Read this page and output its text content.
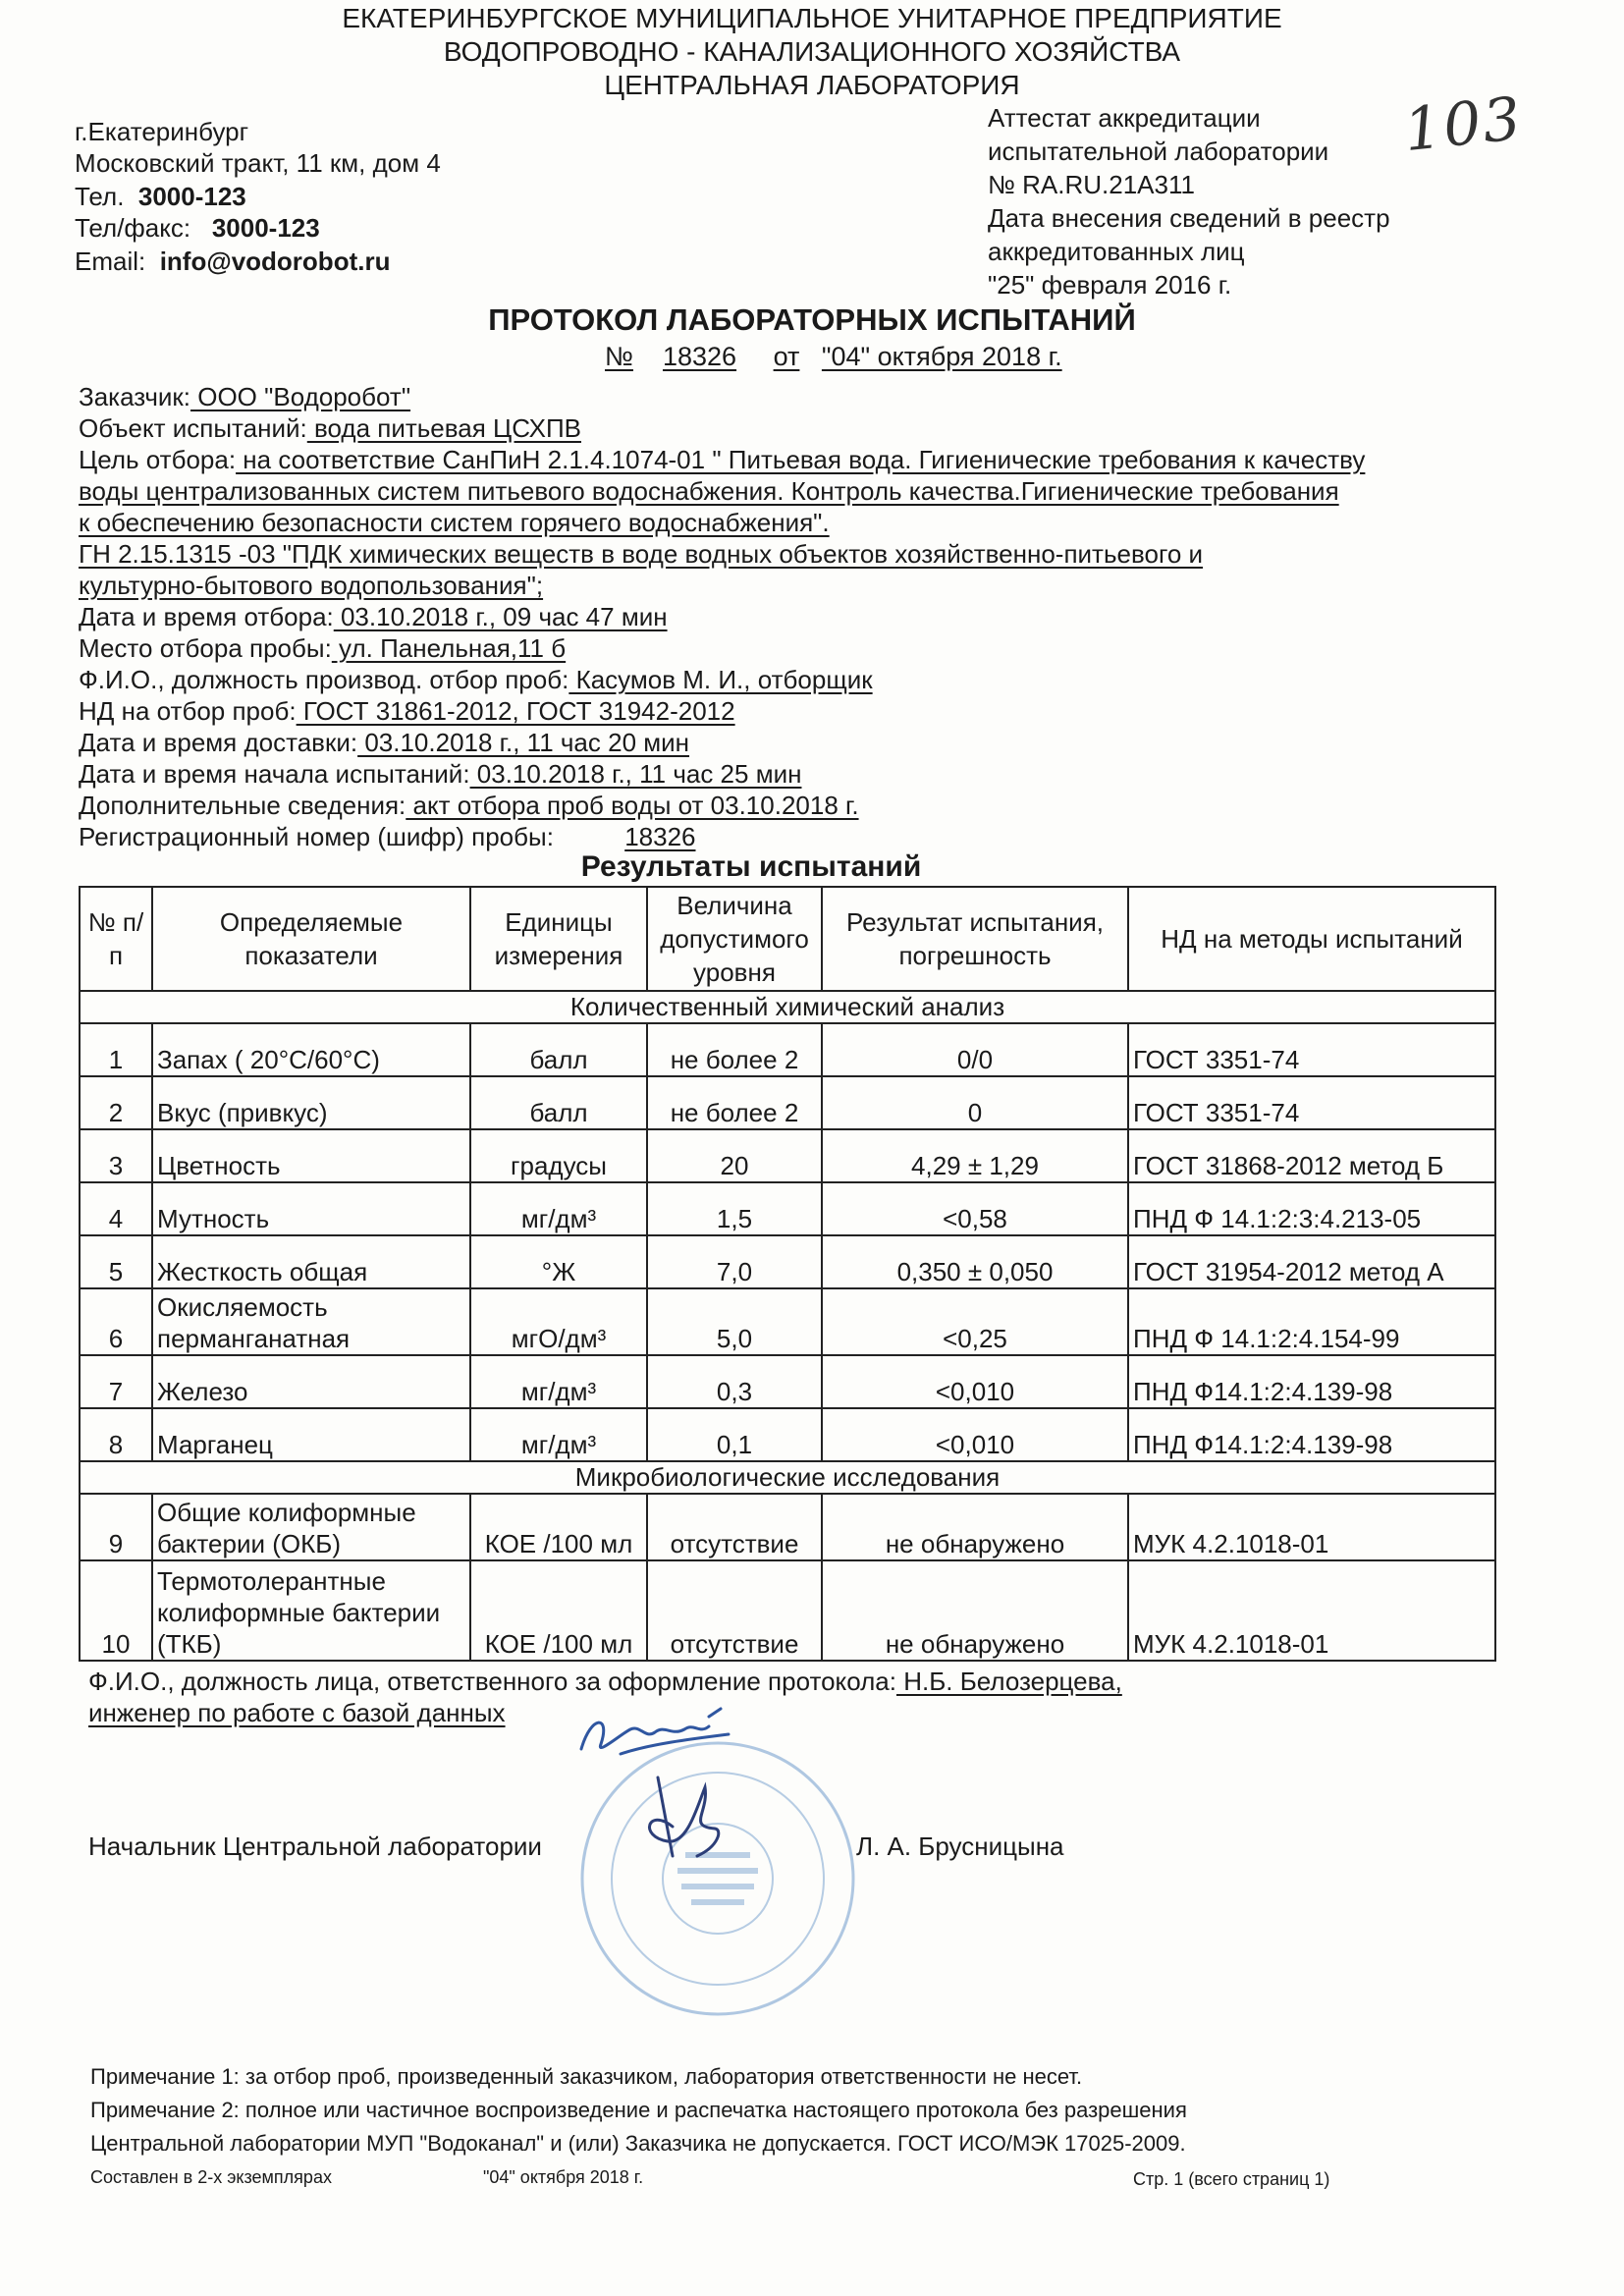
ЕКАТЕРИНБУРГСКОЕ МУНИЦИПАЛЬНОЕ УНИТАРНОЕ ПРЕДПРИЯТИЕ
ВОДОПРОВОДНО - КАНАЛИЗАЦИОННОГО ХОЗЯЙСТВА
ЦЕНТРАЛЬНАЯ ЛАБОРАТОРИЯ
г.Екатеринбург
Московский тракт, 11 км, дом 4
Тел. 3000-123
Тел/факс: 3000-123
Email: info@vodorobot.ru
Аттестат аккредитации
испытательной лаборатории
№ RA.RU.21A311
Дата внесения сведений в реестр
аккредитованных лиц
"25" февраля 2016 г.
103
ПРОТОКОЛ ЛАБОРАТОРНЫХ ИСПЫТАНИЙ
№ 18326 от "04" октября 2018 г.
Заказчик: ООО "Водоробот"
Объект испытаний: вода питьевая ЦСХПВ
Цель отбора: на соответствие СанПиН 2.1.4.1074-01 " Питьевая вода. Гигиенические требования к качеству
воды централизованных систем питьевого водоснабжения. Контроль качества.Гигиенические требования
к обеспечению безопасности систем горячего водоснабжения".
ГН 2.15.1315 -03 "ПДК химических веществ в воде водных объектов хозяйственно-питьевого и
культурно-бытового водопользования";
Дата и время отбора: 03.10.2018 г., 09 час 47 мин
Место отбора пробы: ул. Панельная,11 б
Ф.И.О., должность производ. отбор проб: Касумов М. И., отборщик
НД на отбор проб: ГОСТ 31861-2012, ГОСТ 31942-2012
Дата и время доставки: 03.10.2018 г., 11 час 20 мин
Дата и время начала испытаний: 03.10.2018 г., 11 час 25 мин
Дополнительные сведения: акт отбора проб воды от 03.10.2018 г.
Регистрационный номер (шифр) пробы:	18326
Результаты испытаний
№ п/п	Определяемые показатели	Единицы измерения	Величина допустимого уровня	Результат испытания, погрешность	НД на методы испытаний
Количественный химический анализ					
1	Запах ( 20°С/60°С)	балл	не более 2	0/0	ГОСТ 3351-74
2	Вкус (привкус)	балл	не более 2	0	ГОСТ 3351-74
3	Цветность	градусы	20	4,29 ± 1,29	ГОСТ 31868-2012 метод Б
4	Мутность	мг/дм³	1,5	<0,58	ПНД Ф 14.1:2:3:4.213-05
5	Жесткость общая	°Ж	7,0	0,350 ± 0,050	ГОСТ 31954-2012 метод А
6	Окисляемость перманганатная	мгО/дм³	5,0	<0,25	ПНД Ф 14.1:2:4.154-99
7	Железо	мг/дм³	0,3	<0,010	ПНД Ф14.1:2:4.139-98
8	Марганец	мг/дм³	0,1	<0,010	ПНД Ф14.1:2:4.139-98
Микробиологические исследования					
9	Общие колиформные бактерии (ОКБ)	КОЕ /100 мл	отсутствие	не обнаружено	МУК 4.2.1018-01
10	Термотолерантные колиформные бактерии (ТКБ)	КОЕ /100 мл	отсутствие	не обнаружено	МУК 4.2.1018-01
Ф.И.О., должность лица, ответственного за оформление протокола: Н.Б. Белозерцева,
инженер по работе с базой данных
Начальник Центральной лаборатории	Л. А. Брусницына
Примечание 1: за отбор проб, произведенный заказчиком, лаборатория ответственности не несет.
Примечание 2: полное или частичное воспроизведение и распечатка настоящего протокола без разрешения
Центральной лаборатории МУП "Водоканал" и (или) Заказчика не допускается. ГОСТ ИСО/МЭК 17025-2009.
Составлен в 2-х экземплярах	"04" октября 2018 г.	Стр. 1 (всего страниц 1)
